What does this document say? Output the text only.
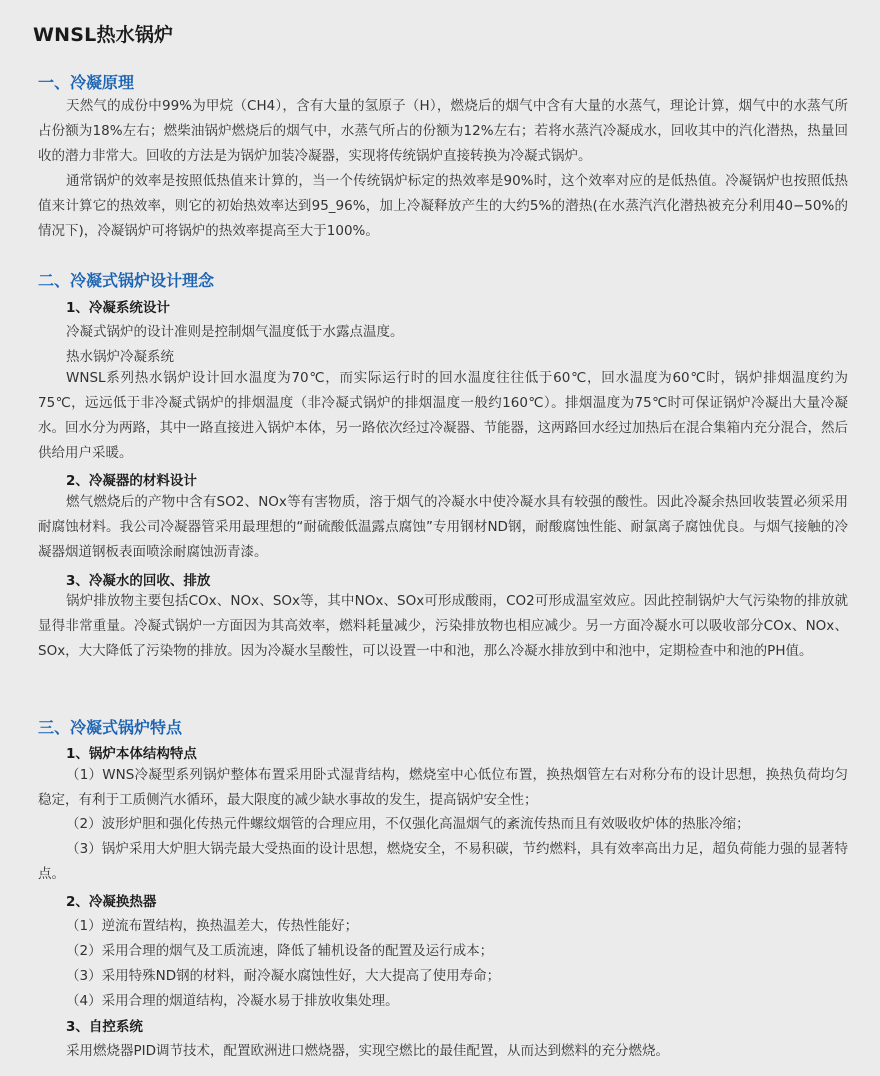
WNSL热水锅炉
一、冷凝原理

天然气的成份中99%为甲烷（CH4），含有大量的氢原子（H），燃烧后的烟气中含有大量的水蒸气，理论计算，烟气中的水蒸气所占份额为18%左右；燃柴油锅炉燃烧后的烟气中，水蒸气所占的份额为12%左右；若将水蒸汽冷凝成水，回收其中的汽化潜热，热量回收的潜力非常大。回收的方法是为锅炉加装冷凝器，实现将传统锅炉直接转换为冷凝式锅炉。

通常锅炉的效率是按照低热值来计算的，当一个传统锅炉标定的热效率是90%时，这个效率对应的是低热值。冷凝锅炉也按照低热值来计算它的热效率，则它的初始热效率达到95_96%，加上冷凝释放产生的大约5%的潜热(在水蒸汽汽化潜热被充分利用40−50%的情况下)，冷凝锅炉可将锅炉的热效率提高至大于100%。

二、冷凝式锅炉设计理念
1、冷凝系统设计
冷凝式锅炉的设计准则是控制烟气温度低于水露点温度。
热水锅炉冷凝系统

WNSL系列热水锅炉设计回水温度为70℃，而实际运行时的回水温度往往低于60℃，回水温度为60℃时，锅炉排烟温度约为75℃，远远低于非冷凝式锅炉的排烟温度（非冷凝式锅炉的排烟温度一般约160℃）。排烟温度为75℃时可保证锅炉冷凝出大量冷凝水。回水分为两路，其中一路直接进入锅炉本体，另一路依次经过冷凝器、节能器，这两路回水经过加热后在混合集箱内充分混合，然后供给用户采暖。

2、冷凝器的材料设计

燃气燃烧后的产物中含有SO2、NOx等有害物质，溶于烟气的冷凝水中使冷凝水具有较强的酸性。因此冷凝余热回收装置必须采用耐腐蚀材料。我公司冷凝器管采用最理想的“耐硫酸低温露点腐蚀”专用钢材ND钢，耐酸腐蚀性能、耐氯离子腐蚀优良。与烟气接触的冷凝器烟道钢板表面喷涂耐腐蚀沥青漆。

3、冷凝水的回收、排放

锅炉排放物主要包括COx、NOx、SOx等，其中NOx、SOx可形成酸雨，CO2可形成温室效应。因此控制锅炉大气污染物的排放就显得非常重量。冷凝式锅炉一方面因为其高效率，燃料耗量减少，污染排放物也相应减少。另一方面冷凝水可以吸收部分COx、NOx、SOx，大大降低了污染物的排放。因为冷凝水呈酸性，可以设置一中和池，那么冷凝水排放到中和池中，定期检查中和池的PH值。

三、冷凝式锅炉特点
1、锅炉本体结构特点

（1）WNS冷凝型系列锅炉整体布置采用卧式湿背结构，燃烧室中心低位布置，换热烟管左右对称分布的设计思想，换热负荷均匀稳定，有利于工质侧汽水循环，最大限度的减少缺水事故的发生，提高锅炉安全性；

（2）波形炉胆和强化传热元件螺纹烟管的合理应用，不仅强化高温烟气的紊流传热而且有效吸收炉体的热胀冷缩；

（3）锅炉采用大炉胆大锅壳最大受热面的设计思想，燃烧安全，不易积碳，节约燃料，具有效率高出力足，超负荷能力强的显著特点。

2、冷凝换热器
（1）逆流布置结构，换热温差大，传热性能好；
（2）采用合理的烟气及工质流速，降低了辅机设备的配置及运行成本；
（3）采用特殊ND钢的材料，耐冷凝水腐蚀性好，大大提高了使用寿命；
（4）采用合理的烟道结构，冷凝水易于排放收集处理。
3、自控系统
采用燃烧器PID调节技术，配置欧洲进口燃烧器，实现空燃比的最佳配置，从而达到燃料的充分燃烧。
